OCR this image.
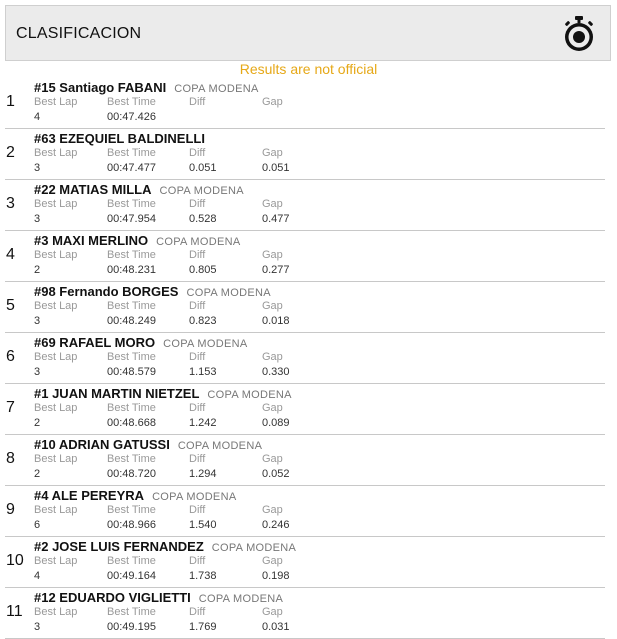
CLASIFICACION
Results are not official
1
#15 Santiago FABANI COPA MODENA
Best Lap	Best Time	Diff	Gap
4	00:47.426
2
#63 EZEQUIEL BALDINELLI
Best Lap	Best Time	Diff	Gap
3	00:47.477	0.051	0.051
3
#22 MATIAS MILLA COPA MODENA
Best Lap	Best Time	Diff	Gap
3	00:47.954	0.528	0.477
4
#3 MAXI MERLINO COPA MODENA
Best Lap	Best Time	Diff	Gap
2	00:48.231	0.805	0.277
5
#98 Fernando BORGES COPA MODENA
Best Lap	Best Time	Diff	Gap
3	00:48.249	0.823	0.018
6
#69 RAFAEL MORO COPA MODENA
Best Lap	Best Time	Diff	Gap
3	00:48.579	1.153	0.330
7
#1 JUAN MARTIN NIETZEL COPA MODENA
Best Lap	Best Time	Diff	Gap
2	00:48.668	1.242	0.089
8
#10 ADRIAN GATUSSI COPA MODENA
Best Lap	Best Time	Diff	Gap
2	00:48.720	1.294	0.052
9
#4 ALE PEREYRA COPA MODENA
Best Lap	Best Time	Diff	Gap
6	00:48.966	1.540	0.246
10
#2 JOSE LUIS FERNANDEZ COPA MODENA
Best Lap	Best Time	Diff	Gap
4	00:49.164	1.738	0.198
11
#12 EDUARDO VIGLIETTI COPA MODENA
Best Lap	Best Time	Diff	Gap
3	00:49.195	1.769	0.031
